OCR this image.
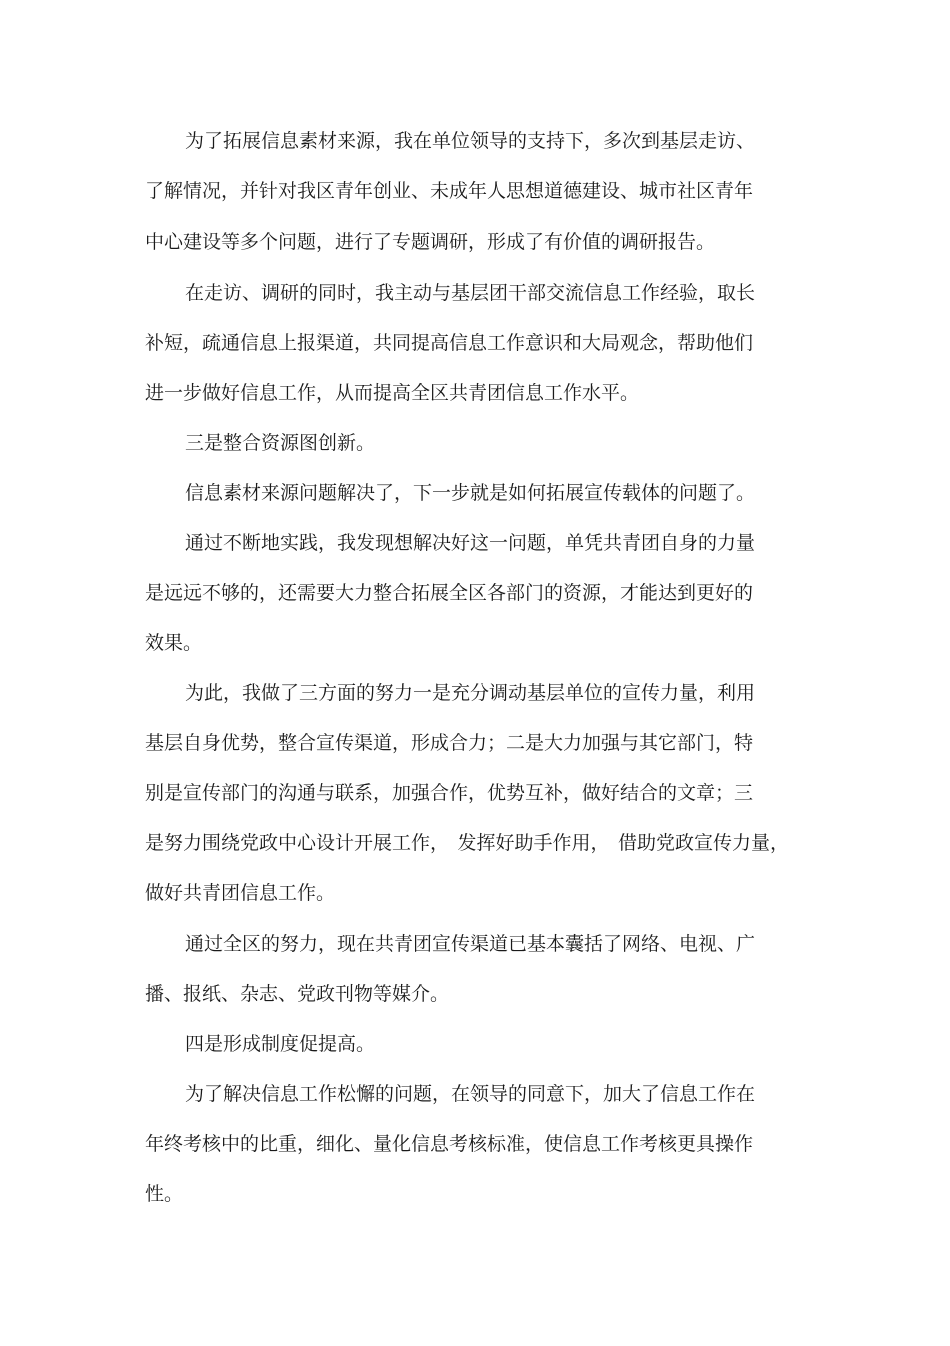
为了拓展信息素材来源，我在单位领导的支持下，多次到基层走访、

了解情况，并针对我区青年创业、未成年人思想道德建设、城市社区青年

中心建设等多个问题，进行了专题调研，形成了有价值的调研报告。

在走访、调研的同时，我主动与基层团干部交流信息工作经验，取长

补短，疏通信息上报渠道，共同提高信息工作意识和大局观念，帮助他们

进一步做好信息工作，从而提高全区共青团信息工作水平。

三是整合资源图创新。

信息素材来源问题解决了，下一步就是如何拓展宣传载体的问题了。

通过不断地实践，我发现想解决好这一问题，单凭共青团自身的力量

是远远不够的，还需要大力整合拓展全区各部门的资源，才能达到更好的

效果。

为此，我做了三方面的努力一是充分调动基层单位的宣传力量，利用

基层自身优势，整合宣传渠道，形成合力；二是大力加强与其它部门，特

别是宣传部门的沟通与联系，加强合作，优势互补，做好结合的文章；三

是努力围绕党政中心设计开展工作， 发挥好助手作用， 借助党政宣传力量，

做好共青团信息工作。

通过全区的努力，现在共青团宣传渠道已基本囊括了网络、电视、广

播、报纸、杂志、党政刊物等媒介。

四是形成制度促提高。

为了解决信息工作松懈的问题，在领导的同意下，加大了信息工作在

年终考核中的比重，细化、量化信息考核标准，使信息工作考核更具操作

性。
